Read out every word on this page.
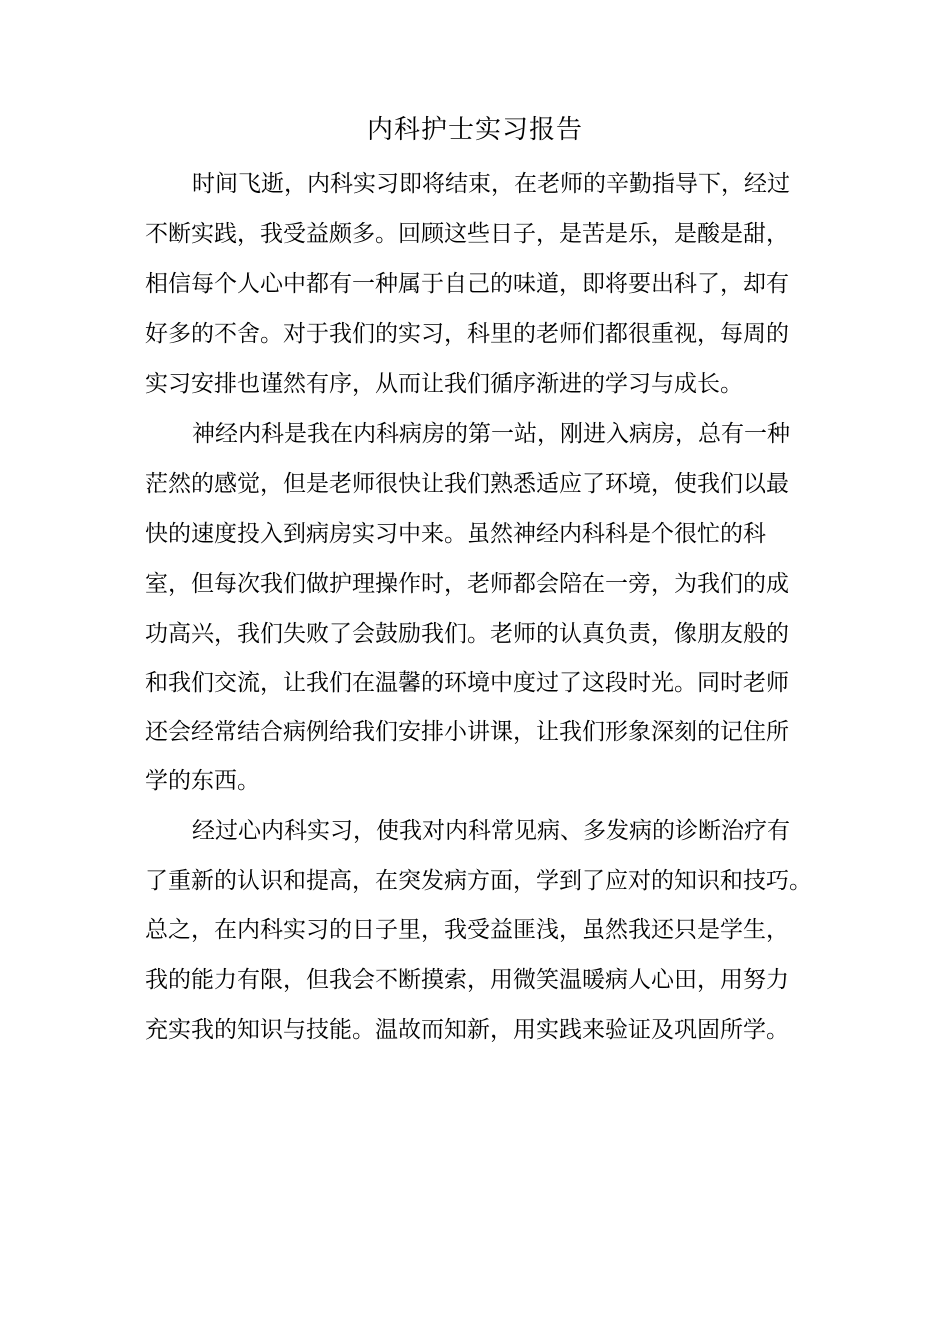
内科护士实习报告
时间飞逝，内科实习即将结束，在老师的辛勤指导下，经过
不断实践，我受益颇多。回顾这些日子，是苦是乐，是酸是甜，
相信每个人心中都有一种属于自己的味道，即将要出科了，却有
好多的不舍。对于我们的实习，科里的老师们都很重视，每周的
实习安排也谨然有序，从而让我们循序渐进的学习与成长。
神经内科是我在内科病房的第一站，刚进入病房，总有一种
茫然的感觉，但是老师很快让我们熟悉适应了环境，使我们以最
快的速度投入到病房实习中来。虽然神经内科科是个很忙的科
室，但每次我们做护理操作时，老师都会陪在一旁，为我们的成
功高兴，我们失败了会鼓励我们。老师的认真负责，像朋友般的
和我们交流，让我们在温馨的环境中度过了这段时光。同时老师
还会经常结合病例给我们安排小讲课，让我们形象深刻的记住所
学的东西。
经过心内科实习，使我对内科常见病、多发病的诊断治疗有
了重新的认识和提高，在突发病方面，学到了应对的知识和技巧。
总之，在内科实习的日子里，我受益匪浅，虽然我还只是学生，
我的能力有限，但我会不断摸索，用微笑温暖病人心田，用努力
充实我的知识与技能。温故而知新，用实践来验证及巩固所学。
